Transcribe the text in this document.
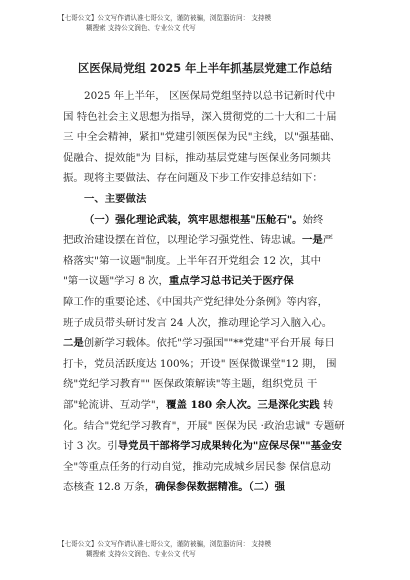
【七哥公文】公文写作请认准七哥公文，谨防被骗，浏览器访问： 支持模
糊搜索 支持公文润色、专业公文 代写
区医保局党组 2025 年上半年抓基层党建工作总结
2025 年上半年， 区医保局党组坚持以总书记新时代中
国 特色社会主义思想为指导，深入贯彻党的二十大和二十届
三 中全会精神，紧扣"党建引领医保为民"主线，以"强基础、
促融合、提效能"为 目标，推动基层党建与医保业务同频共
振。现将主要做法、存在问题及下步工作安排总结如下：
一、主要做法
（一）强化理论武装，筑牢思想根基"压舱石"。始终
把政治建设摆在首位，以理论学习强党性、铸忠诚。一是严
格落实"第一议题"制度。上半年召开党组会 12 次，其中
"第一议题"学习 8 次，重点学习总书记关于医疗保
障工作的重要论述、《中国共产党纪律处分条例》等内容，
班子成员带头研讨发言 24 人次，推动理论学习入脑入心。
二是创新学习载体。依托"学习强国""**党建"平台开展 每日
打卡，党员活跃度达 100%；开设" 医保微课堂"12 期， 围
绕"党纪学习教育"" 医保政策解读"等主题，组织党员 干
部"轮流讲、互动学"，覆盖 180 余人次。三是深化实践 转
化。结合"党纪学习教育"，开展" 医保为民 ·政治忠诚" 专题研
讨 3 次。引导党员干部将学习成果转化为"应保尽保""基金安
全"等重点任务的行动自觉，推动完成城乡居民参 保信息动
态核查 12.8 万条，确保参保数据精准。（二）强
【七哥公文】公文写作请认准七哥公文，谨防被骗，浏览器访问： 支持模
糊搜索 支持公文润色、专业公文 代写
